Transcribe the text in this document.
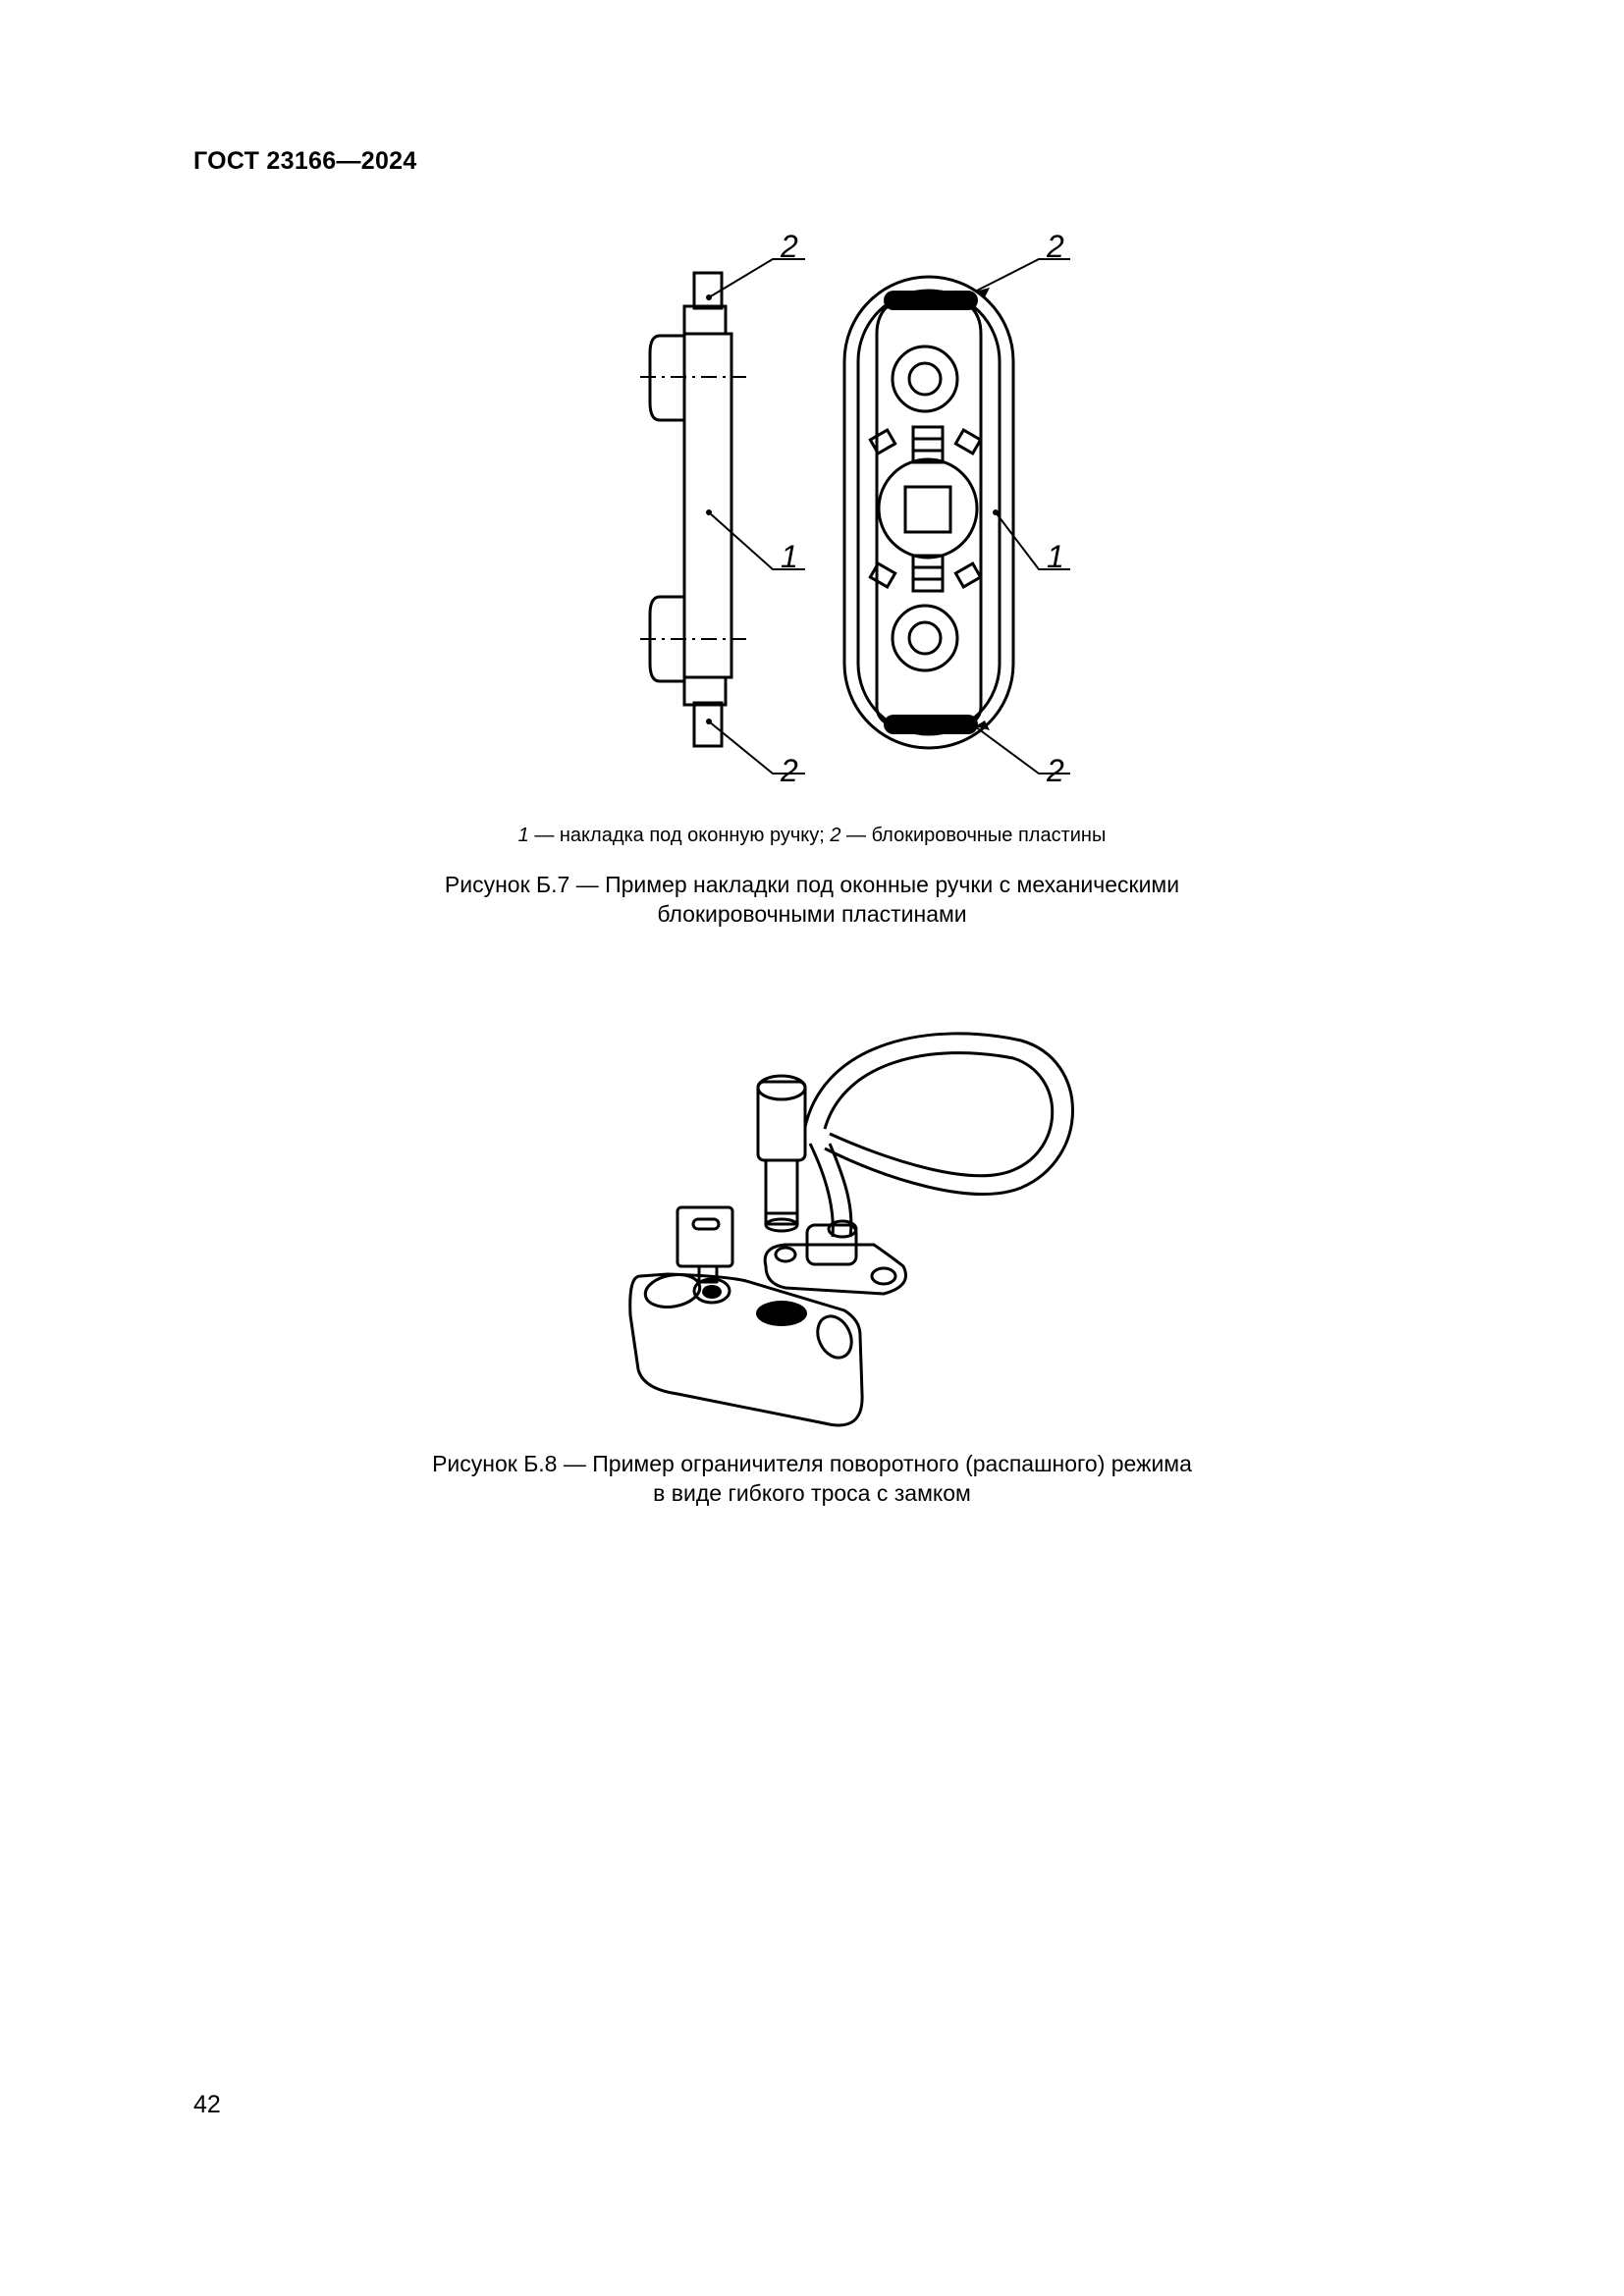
ГОСТ 23166—2024
2
1
2
2
1
2
1 — накладка под оконную ручку; 2 — блокировочные пластины
Рисунок Б.7 — Пример накладки под оконные ручки с механическими
блокировочными пластинами
Рисунок Б.8 — Пример ограничителя поворотного (распашного) режима
в виде гибкого троса с замком
42
